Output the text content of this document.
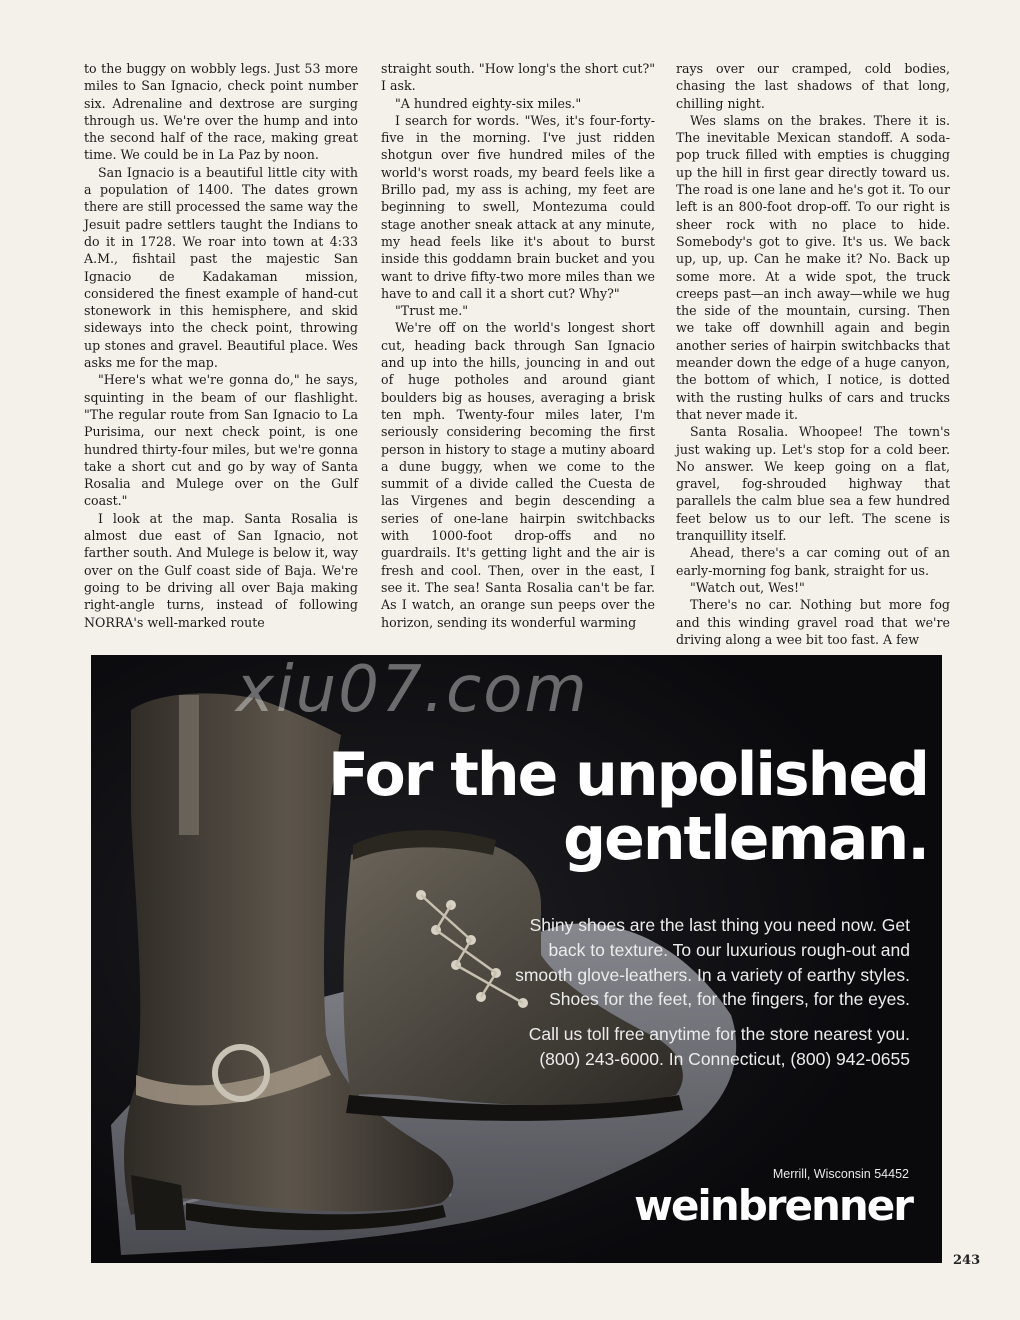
to the buggy on wobbly legs. Just 53 more miles to San Ignacio, check point number six. Adrenaline and dextrose are surging through us. We're over the hump and into the second half of the race, making great time. We could be in La Paz by noon.

San Ignacio is a beautiful little city with a population of 1400. The dates grown there are still processed the same way the Jesuit padre settlers taught the Indians to do it in 1728. We roar into town at 4:33 A.M., fishtail past the majestic San Ignacio de Kadakaman mission, considered the finest example of hand-cut stonework in this hemisphere, and skid sideways into the check point, throwing up stones and gravel. Beautiful place. Wes asks me for the map.

"Here's what we're gonna do," he says, squinting in the beam of our flashlight. "The regular route from San Ignacio to La Purisima, our next check point, is one hundred thirty-four miles, but we're gonna take a short cut and go by way of Santa Rosalia and Mulege over on the Gulf coast."

I look at the map. Santa Rosalia is almost due east of San Ignacio, not farther south. And Mulege is below it, way over on the Gulf coast side of Baja. We're going to be driving all over Baja making right-angle turns, instead of following NORRA's well-marked route

straight south. "How long's the short cut?" I ask.

"A hundred eighty-six miles."

I search for words. "Wes, it's four-forty-five in the morning. I've just ridden shotgun over five hundred miles of the world's worst roads, my beard feels like a Brillo pad, my ass is aching, my feet are beginning to swell, Montezuma could stage another sneak attack at any minute, my head feels like it's about to burst inside this goddamn brain bucket and you want to drive fifty-two more miles than we have to and call it a short cut? Why?"

"Trust me."

We're off on the world's longest short cut, heading back through San Ignacio and up into the hills, jouncing in and out of huge potholes and around giant boulders big as houses, averaging a brisk ten mph. Twenty-four miles later, I'm seriously considering becoming the first person in history to stage a mutiny aboard a dune buggy, when we come to the summit of a divide called the Cuesta de las Virgenes and begin descending a series of one-lane hairpin switchbacks with 1000-foot drop-offs and no guardrails. It's getting light and the air is fresh and cool. Then, over in the east, I see it. The sea! Santa Rosalia can't be far. As I watch, an orange sun peeps over the horizon, sending its wonderful warming

rays over our cramped, cold bodies, chasing the last shadows of that long, chilling night.

Wes slams on the brakes. There it is. The inevitable Mexican standoff. A soda-pop truck filled with empties is chugging up the hill in first gear directly toward us. The road is one lane and he's got it. To our left is an 800-foot drop-off. To our right is sheer rock with no place to hide. Somebody's got to give. It's us. We back up, up, up. Can he make it? No. Back up some more. At a wide spot, the truck creeps past—an inch away—while we hug the side of the mountain, cursing. Then we take off downhill again and begin another series of hairpin switchbacks that meander down the edge of a huge canyon, the bottom of which, I notice, is dotted with the rusting hulks of cars and trucks that never made it.

Santa Rosalia. Whoopee! The town's just waking up. Let's stop for a cold beer. No answer. We keep going on a flat, gravel, fog-shrouded highway that parallels the calm blue sea a few hundred feet below us to our left. The scene is tranquillity itself.

Ahead, there's a car coming out of an early-morning fog bank, straight for us.

"Watch out, Wes!"

There's no car. Nothing but more fog and this winding gravel road that we're driving along a wee bit too fast. A few

xiu07.com
For the unpolished
gentleman.

Shiny shoes are the last thing you need now. Get back to texture. To our luxurious rough-out and smooth glove-leathers. In a variety of earthy styles. Shoes for the feet, for the fingers, for the eyes.

Call us toll free anytime for the store nearest you. (800) 243-6000. In Connecticut, (800) 942-0655

Merrill, Wisconsin 54452
weinbrenner
243
